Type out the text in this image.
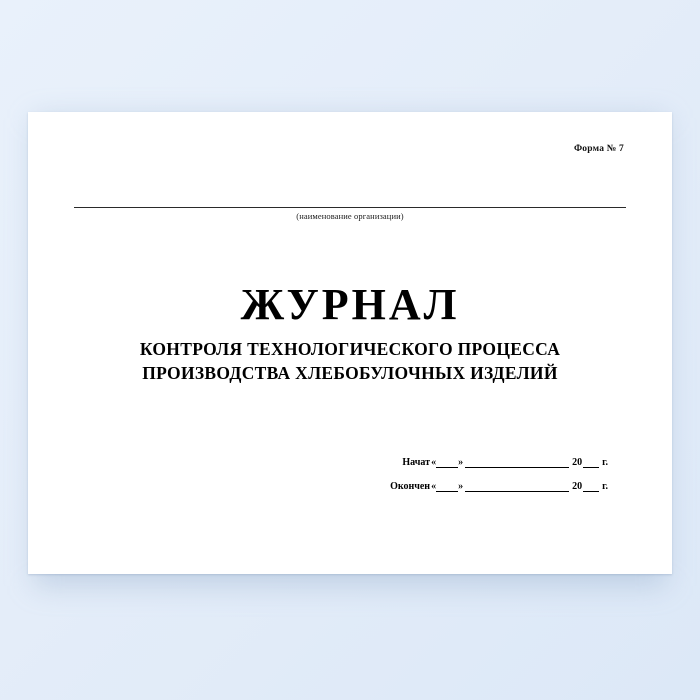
Форма № 7
(наименование организации)
ЖУРНАЛ
КОНТРОЛЯ ТЕХНОЛОГИЧЕСКОГО ПРОЦЕССА
ПРОИЗВОДСТВА ХЛЕБОБУЛОЧНЫХ ИЗДЕЛИЙ
Начат « »	20 г.
Окончен « »	20 г.
